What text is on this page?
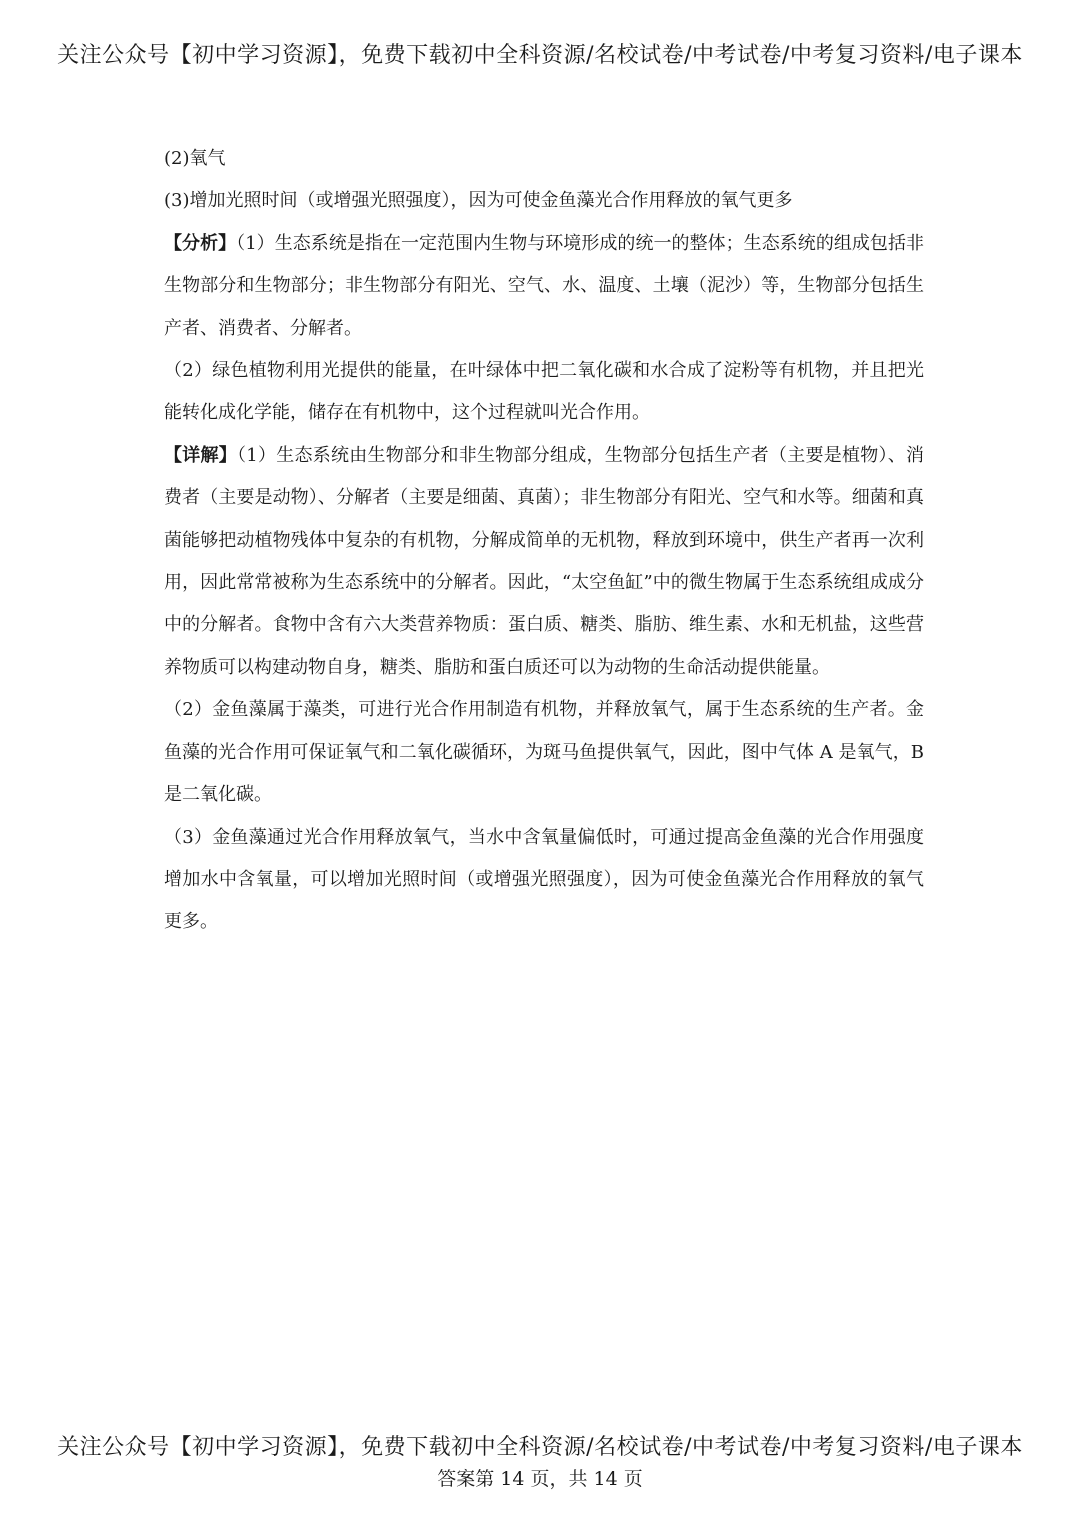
关注公众号【初中学习资源】，免费下载初中全科资源/名校试卷/中考试卷/中考复习资料/电子课本

(2)氧气

(3)增加光照时间（或增强光照强度），因为可使金鱼藻光合作用释放的氧气更多

【分析】（1）生态系统是指在一定范围内生物与环境形成的统一的整体；生态系统的组成包括非生物部分和生物部分；非生物部分有阳光、空气、水、温度、土壤（泥沙）等，生物部分包括生产者、消费者、分解者。

（2）绿色植物利用光提供的能量，在叶绿体中把二氧化碳和水合成了淀粉等有机物，并且把光能转化成化学能，储存在有机物中，这个过程就叫光合作用。

【详解】（1）生态系统由生物部分和非生物部分组成，生物部分包括生产者（主要是植物）、消费者（主要是动物）、分解者（主要是细菌、真菌）；非生物部分有阳光、空气和水等。细菌和真菌能够把动植物残体中复杂的有机物，分解成简单的无机物，释放到环境中，供生产者再一次利用，因此常常被称为生态系统中的分解者。因此，“太空鱼缸”中的微生物属于生态系统组成成分中的分解者。食物中含有六大类营养物质：蛋白质、糖类、脂肪、维生素、水和无机盐，这些营养物质可以构建动物自身，糖类、脂肪和蛋白质还可以为动物的生命活动提供能量。

（2）金鱼藻属于藻类，可进行光合作用制造有机物，并释放氧气，属于生态系统的生产者。金鱼藻的光合作用可保证氧气和二氧化碳循环，为斑马鱼提供氧气，因此，图中气体 A 是氧气，B 是二氧化碳。

（3）金鱼藻通过光合作用释放氧气，当水中含氧量偏低时，可通过提高金鱼藻的光合作用强度增加水中含氧量，可以增加光照时间（或增强光照强度），因为可使金鱼藻光合作用释放的氧气更多。

关注公众号【初中学习资源】，免费下载初中全科资源/名校试卷/中考试卷/中考复习资料/电子课本
答案第 14 页，共 14 页
